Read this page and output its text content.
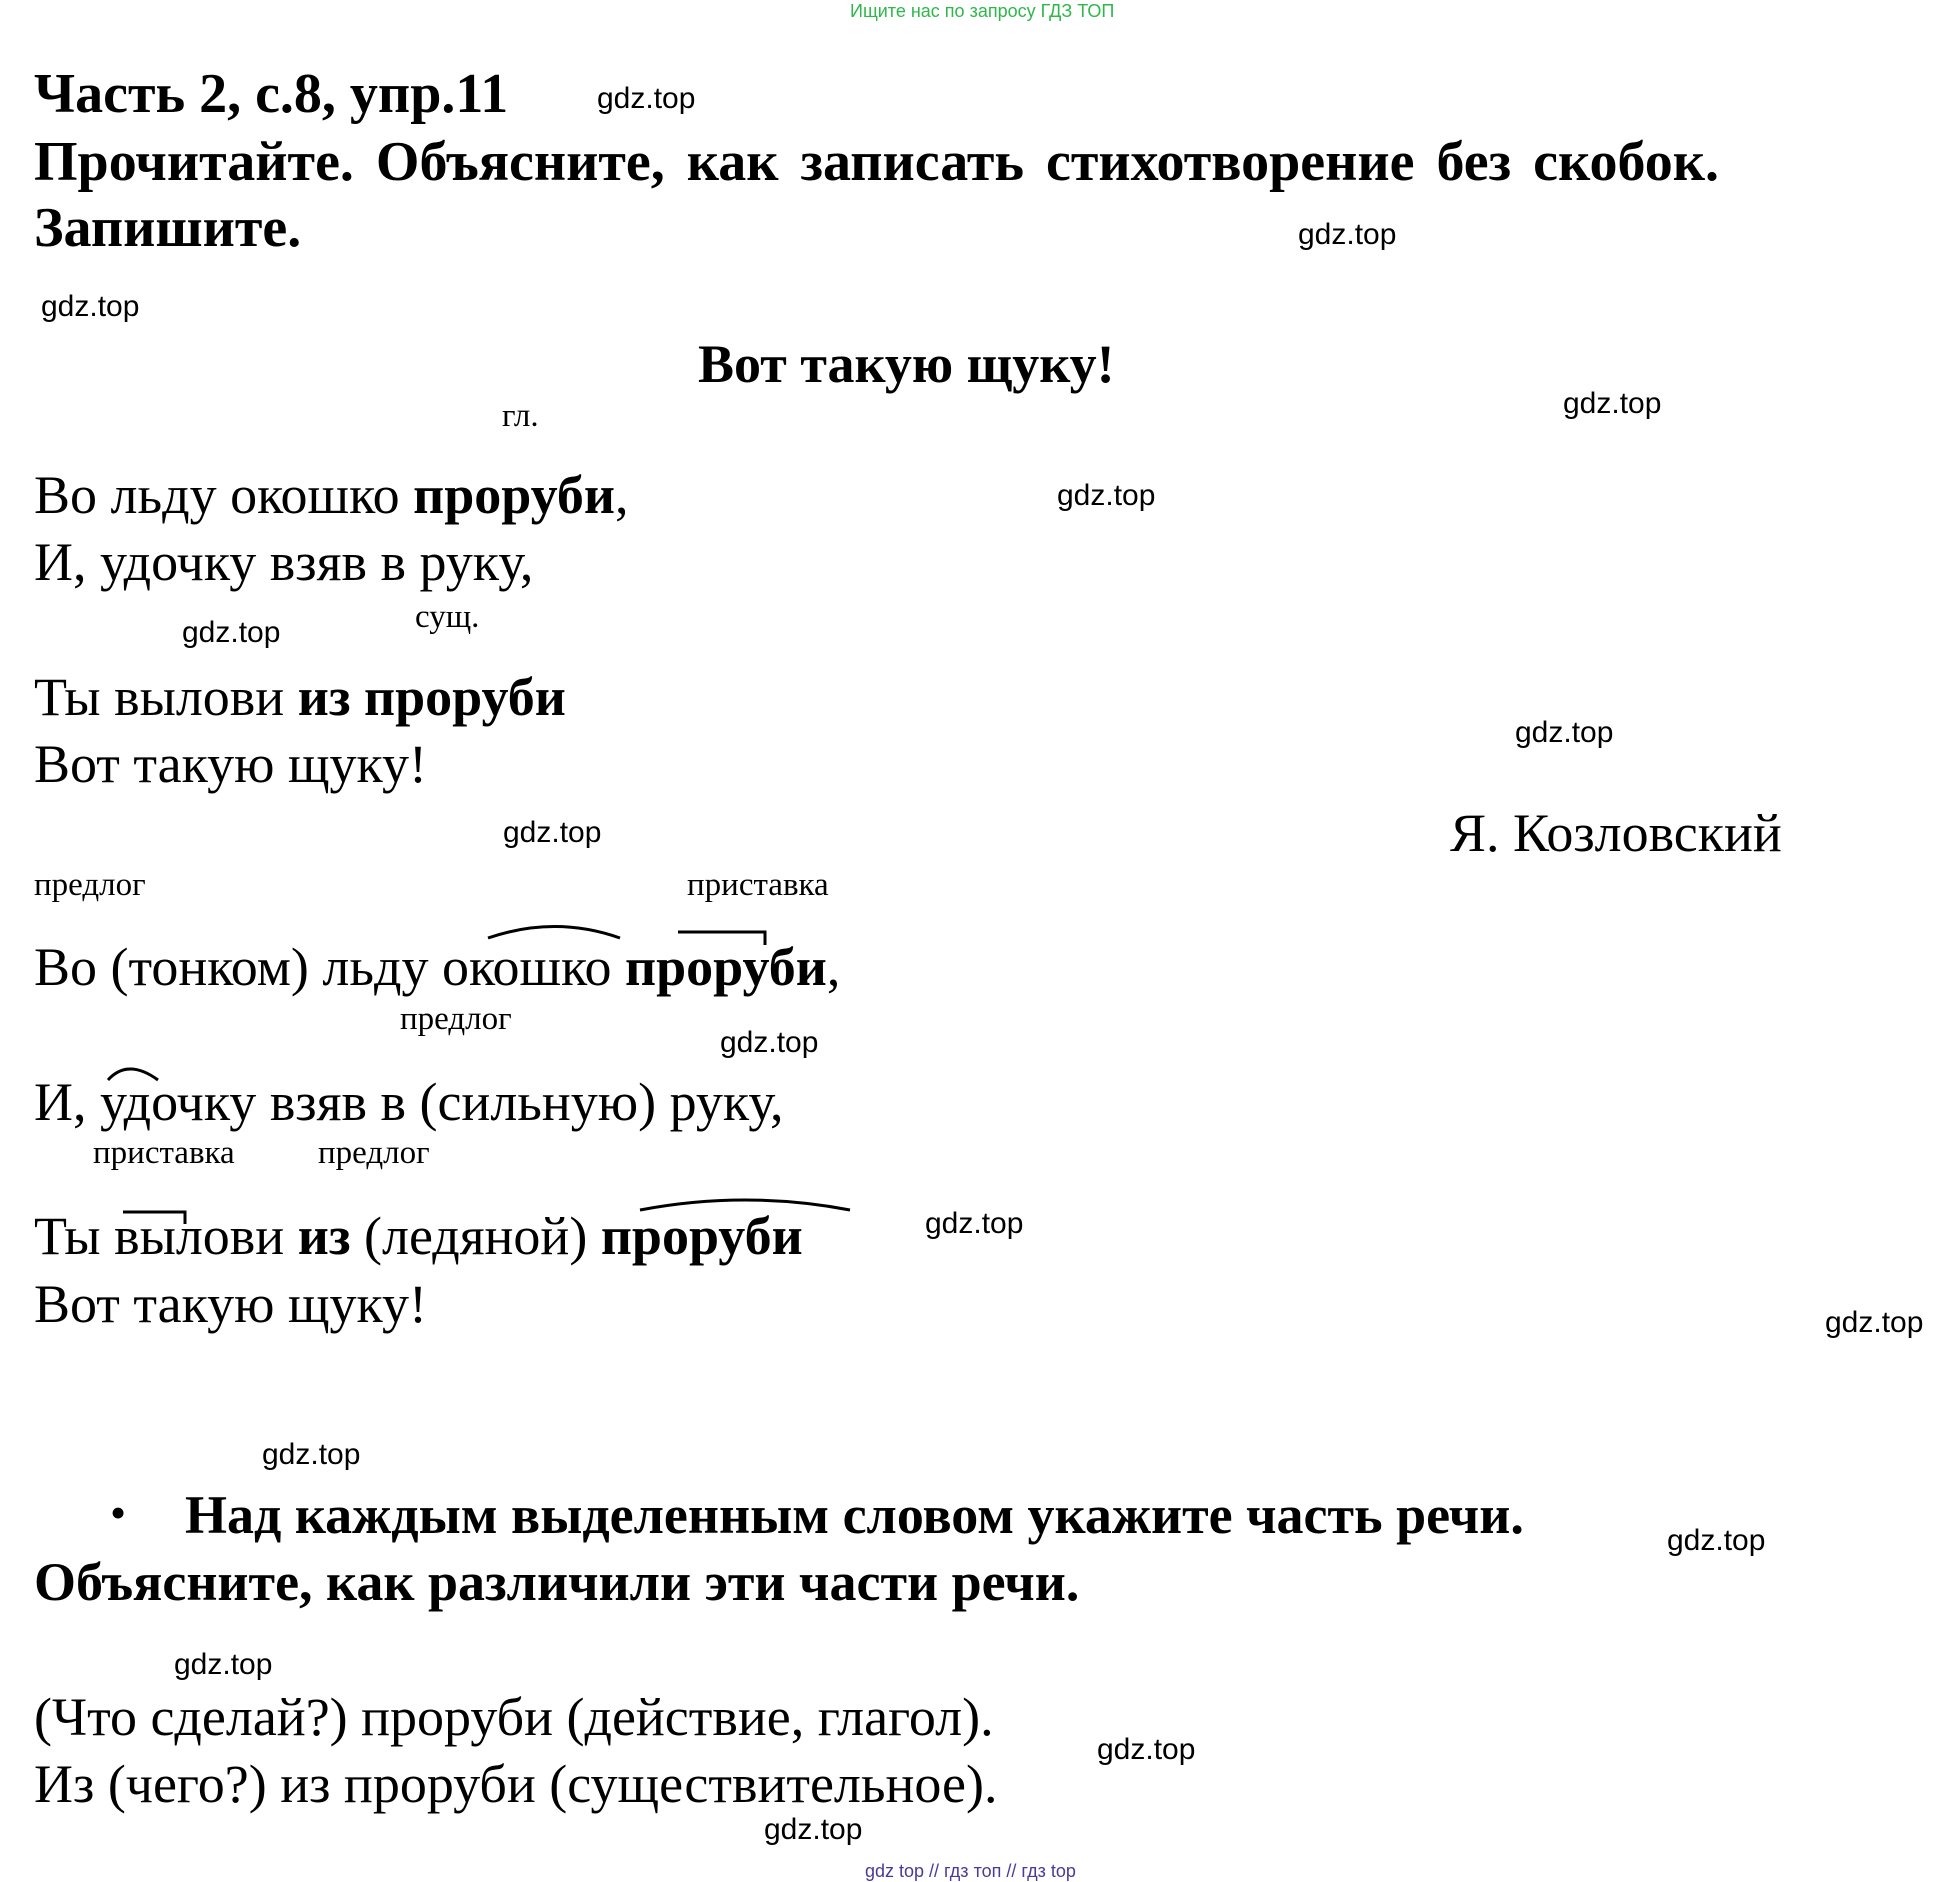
Ищите нас по запросу ГДЗ ТОП
gdz top // гдз топ // гдз top
gdz.top
gdz.top
gdz.top
gdz.top
gdz.top
gdz.top
gdz.top
gdz.top
gdz.top
gdz.top
gdz.top
gdz.top
gdz.top
gdz.top
gdz.top
gdz.top
Часть 2, с.8, упр.11
Прочитайте. Объясните, как записать стихотворение без скобок.
Запишите.
Вот такую щуку!
гл.
Во льду окошко проруби,
И, удочку взяв в руку,
сущ.
Ты вылови из проруби
Вот такую щуку!
Я. Козловский
предлог	приставка
Во (тонком) льду окошко проруби,
предлог
И, удочку взяв в (сильную) руку,
приставка	предлог
Ты вылови из (ледяной) проруби
Вот такую щуку!
• Над каждым выделенным словом укажите часть речи.
Объясните, как различили эти части речи.
(Что сделай?) проруби (действие, глагол).
Из (чего?) из проруби (существительное).
